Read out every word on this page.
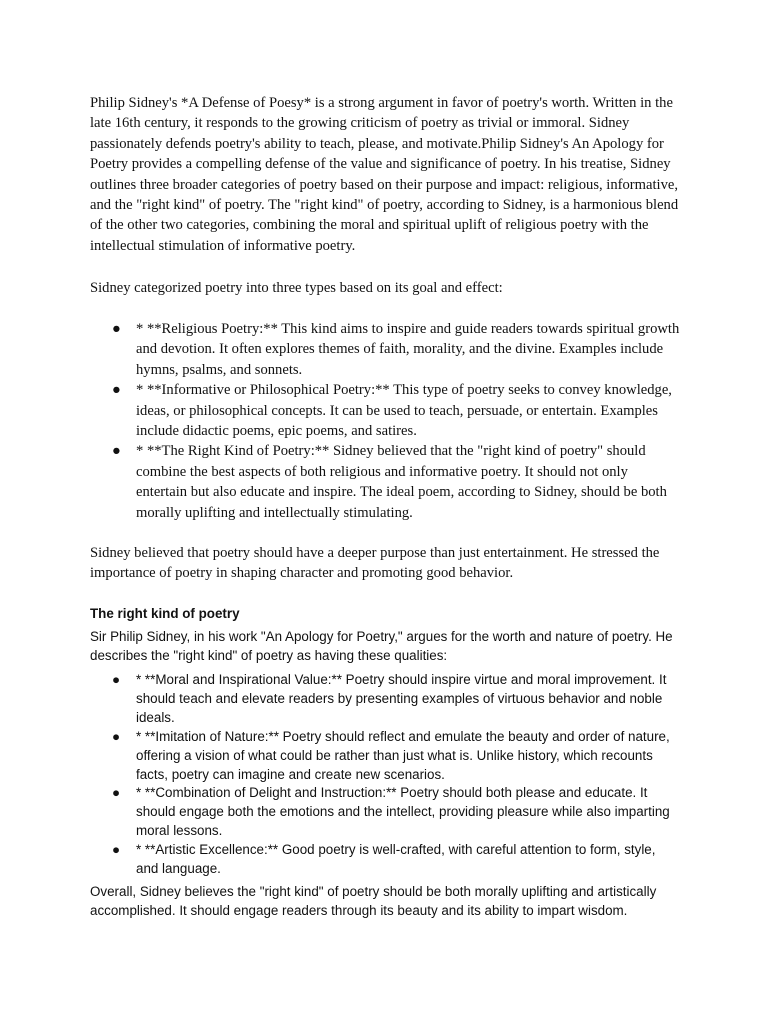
Philip Sidney's *A Defense of Poesy* is a strong argument in favor of poetry's worth. Written in the late 16th century, it responds to the growing criticism of poetry as trivial or immoral. Sidney passionately defends poetry's ability to teach, please, and motivate.Philip Sidney's An Apology for Poetry provides a compelling defense of the value and significance of poetry. In his treatise, Sidney outlines three broader categories of poetry based on their purpose and impact: religious, informative, and the "right kind" of poetry. The "right kind" of poetry, according to Sidney, is a harmonious blend of the other two categories, combining the moral and spiritual uplift of religious poetry with the intellectual stimulation of informative poetry.

Sidney categorized poetry into three types based on its goal and effect:

● * **Religious Poetry:** This kind aims to inspire and guide readers towards spiritual growth and devotion. It often explores themes of faith, morality, and the divine. Examples include hymns, psalms, and sonnets.
● * **Informative or Philosophical Poetry:** This type of poetry seeks to convey knowledge, ideas, or philosophical concepts. It can be used to teach, persuade, or entertain. Examples include didactic poems, epic poems, and satires.
● * **The Right Kind of Poetry:** Sidney believed that the "right kind of poetry" should combine the best aspects of both religious and informative poetry. It should not only entertain but also educate and inspire. The ideal poem, according to Sidney, should be both morally uplifting and intellectually stimulating.

Sidney believed that poetry should have a deeper purpose than just entertainment. He stressed the importance of poetry in shaping character and promoting good behavior.

The right kind of poetry

Sir Philip Sidney, in his work "An Apology for Poetry," argues for the worth and nature of poetry. He describes the "right kind" of poetry as having these qualities:

● * **Moral and Inspirational Value:** Poetry should inspire virtue and moral improvement. It should teach and elevate readers by presenting examples of virtuous behavior and noble ideals.
● * **Imitation of Nature:** Poetry should reflect and emulate the beauty and order of nature, offering a vision of what could be rather than just what is. Unlike history, which recounts facts, poetry can imagine and create new scenarios.
● * **Combination of Delight and Instruction:** Poetry should both please and educate. It should engage both the emotions and the intellect, providing pleasure while also imparting moral lessons.
● * **Artistic Excellence:** Good poetry is well-crafted, with careful attention to form, style, and language.

Overall, Sidney believes the "right kind" of poetry should be both morally uplifting and artistically accomplished. It should engage readers through its beauty and its ability to impart wisdom.
